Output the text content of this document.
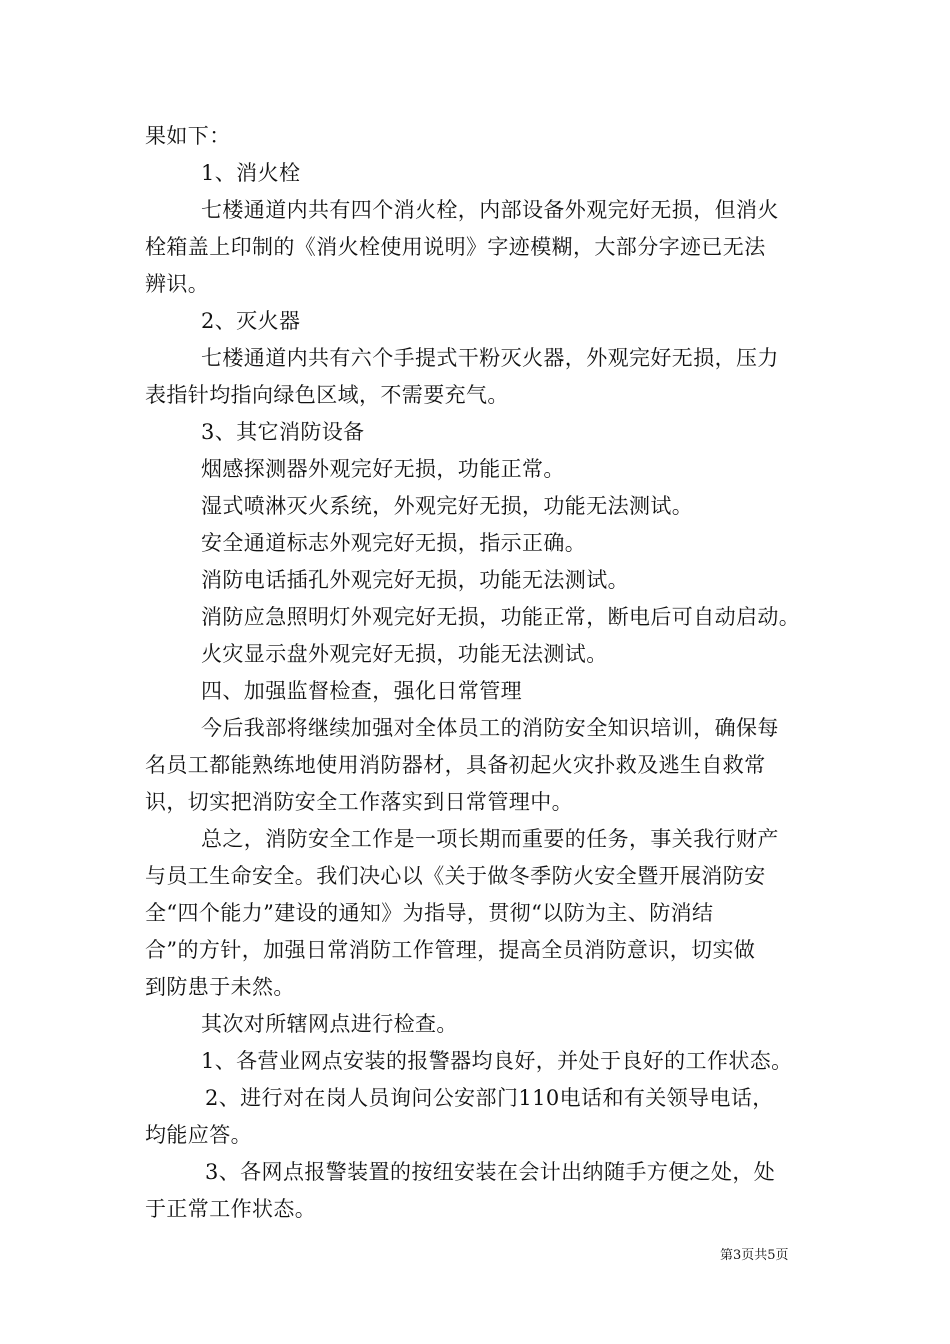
果如下：
1、消火栓
七楼通道内共有四个消火栓，内部设备外观完好无损，但消火
栓箱盖上印制的《消火栓使用说明》字迹模糊，大部分字迹已无法
辨识。
2、灭火器
七楼通道内共有六个手提式干粉灭火器，外观完好无损，压力
表指针均指向绿色区域，不需要充气。
3、其它消防设备
烟感探测器外观完好无损，功能正常。
湿式喷淋灭火系统，外观完好无损，功能无法测试。
安全通道标志外观完好无损，指示正确。
消防电话插孔外观完好无损，功能无法测试。
消防应急照明灯外观完好无损，功能正常，断电后可自动启动。
火灾显示盘外观完好无损，功能无法测试。
四、加强监督检查，强化日常管理
今后我部将继续加强对全体员工的消防安全知识培训，确保每
名员工都能熟练地使用消防器材，具备初起火灾扑救及逃生自救常
识，切实把消防安全工作落实到日常管理中。
总之，消防安全工作是一项长期而重要的任务，事关我行财产
与员工生命安全。我们决心以《关于做冬季防火安全暨开展消防安
全“四个能力”建设的通知》为指导，贯彻“以防为主、防消结
合”的方针，加强日常消防工作管理，提高全员消防意识，切实做
到防患于未然。
其次对所辖网点进行检查。
1、各营业网点安装的报警器均良好，并处于良好的工作状态。
2、进行对在岗人员询问公安部门110电话和有关领导电话，
均能应答。
3、各网点报警装置的按纽安装在会计出纳随手方便之处，处
于正常工作状态。
第3页共5页
